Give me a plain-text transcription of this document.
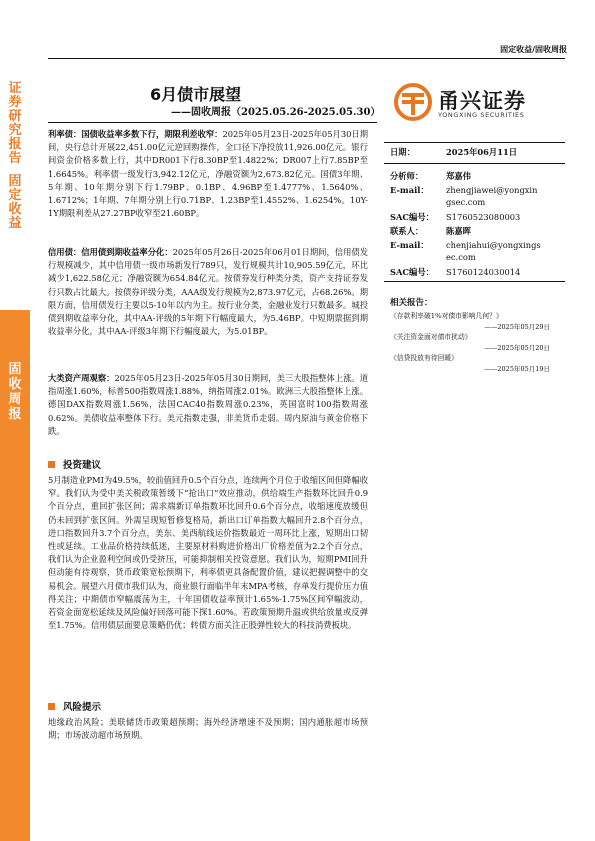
固定收益/固收周报
证券研究报告
固定收益
固收周报
6月债市展望
——固收周报（2025.05.26-2025.05.30）	甬兴证券
YONGXING SECURITIES
利率债：国债收益率多数下行，期限利差收窄：2025年05月23日-2025年05月30日期间，央行总计开展22,451.00亿元逆回购操作，全口径下净投放11,926.00亿元。银行间资金价格多数上行，其中DR001下行8.30BP至1.4822%；DR007上行7.85BP至1.6645%。利率债一级发行3,942.12亿元，净融资额为2,673.82亿元。国债3年期、5年期、10年期分别下行1.79BP、0.1BP、4.96BP至1.4777%、1.5640%、1.6712%；1年期、7年期分别上行0.71BP、1.23BP至1.4552%、1.6254%。10Y-1Y期限利差从27.27BP收窄至21.60BP。
信用债：信用债到期收益率分化：2025年05月26日-2025年06月01日期间，信用债发行规模减少，其中信用债一级市场新发行789只，发行规模共计10,905.59亿元，环比减少1,622.58亿元；净融资额为654.84亿元。按债券发行种类分类，资产支持证券发行只数占比最大。按债券评级分类，AAA级发行规模为2,873.97亿元，占68.26%。期限方面，信用债发行主要以5-10年以内为主。按行业分类，金融业发行只数最多。城投债到期收益率分化，其中AA-评级的5年期下行幅度最大，为5.46BP。中短期票据到期收益率分化，其中AA-评级3年期下行幅度最大，为5.01BP。
大类资产周观察：2025年05月23日-2025年05月30日期间，美三大股指整体上涨。道指周涨1.60%，标普500指数周涨1.88%，纳指周涨2.01%。欧洲三大股指整体上涨。德国DAX指数周涨1.56%，法国CAC40指数周涨0.23%，英国富时100指数周涨0.62%。美债收益率整体下行。美元指数走强，非美货币走弱。周内原油与黄金价格下跌。
投资建议
5月制造业PMI为49.5%，较前值回升0.5个百分点，连续两个月位于收缩区间但降幅收窄。我们认为受中美关税政策暂缓下“抢出口”效应推动，供给端生产指数环比回升0.9个百分点，重回扩张区间；需求端新订单指数环比回升0.6个百分点，收缩速度放缓但仍未回到扩张区间。外需呈现短暂修复格局，新出口订单指数大幅回升2.8个百分点，进口指数回升3.7个百分点，美东、美西航线运价指数最近一周环比上涨，短期出口韧性或延续。工业品价格持续低迷，主要原材料购进价格出厂价格差值为2.2个百分点，我们认为企业盈利空间或仍受挤压，可能抑制相关投资意愿。我们认为，短期PMI回升但动能有待观察，货币政策宽松预期下，利率债更具备配置价值，建议把握调整中的交易机会。展望六月债市我们认为，商业银行面临半年末MPA考核，存单发行提价压力值得关注；中期债市窄幅震荡为主，十年国债收益率预计1.65%-1.75%区间窄幅波动，若资金面宽松延续及风险偏好回落可能下探1.60%。若政策预期升温或供给放量或反弹至1.75%。信用债层面要息策略仍优；转债方面关注正股弹性较大的科技消费板块。
风险提示
地缘政治风险；美联储货币政策超预期；海外经济增速不及预期；国内通胀超市场预期；市场波动超市场预期。
日期：	2025年06月11日
分析师：	郑嘉伟
E-mail： zhengjiawei@yongxin
gsec.com
SAC编号： S1760523080003
联系人：	陈嘉晖
E-mail： chenjiahui@yongxings
ec.com
SAC编号： S1760124030014
相关报告：
《存款利率破1%对债市影响几何？》
——2025年05月29日
《关注资金面对债市扰动》
——2025年05月20日
《信贷投放有待回暖》
——2025年05月19日
